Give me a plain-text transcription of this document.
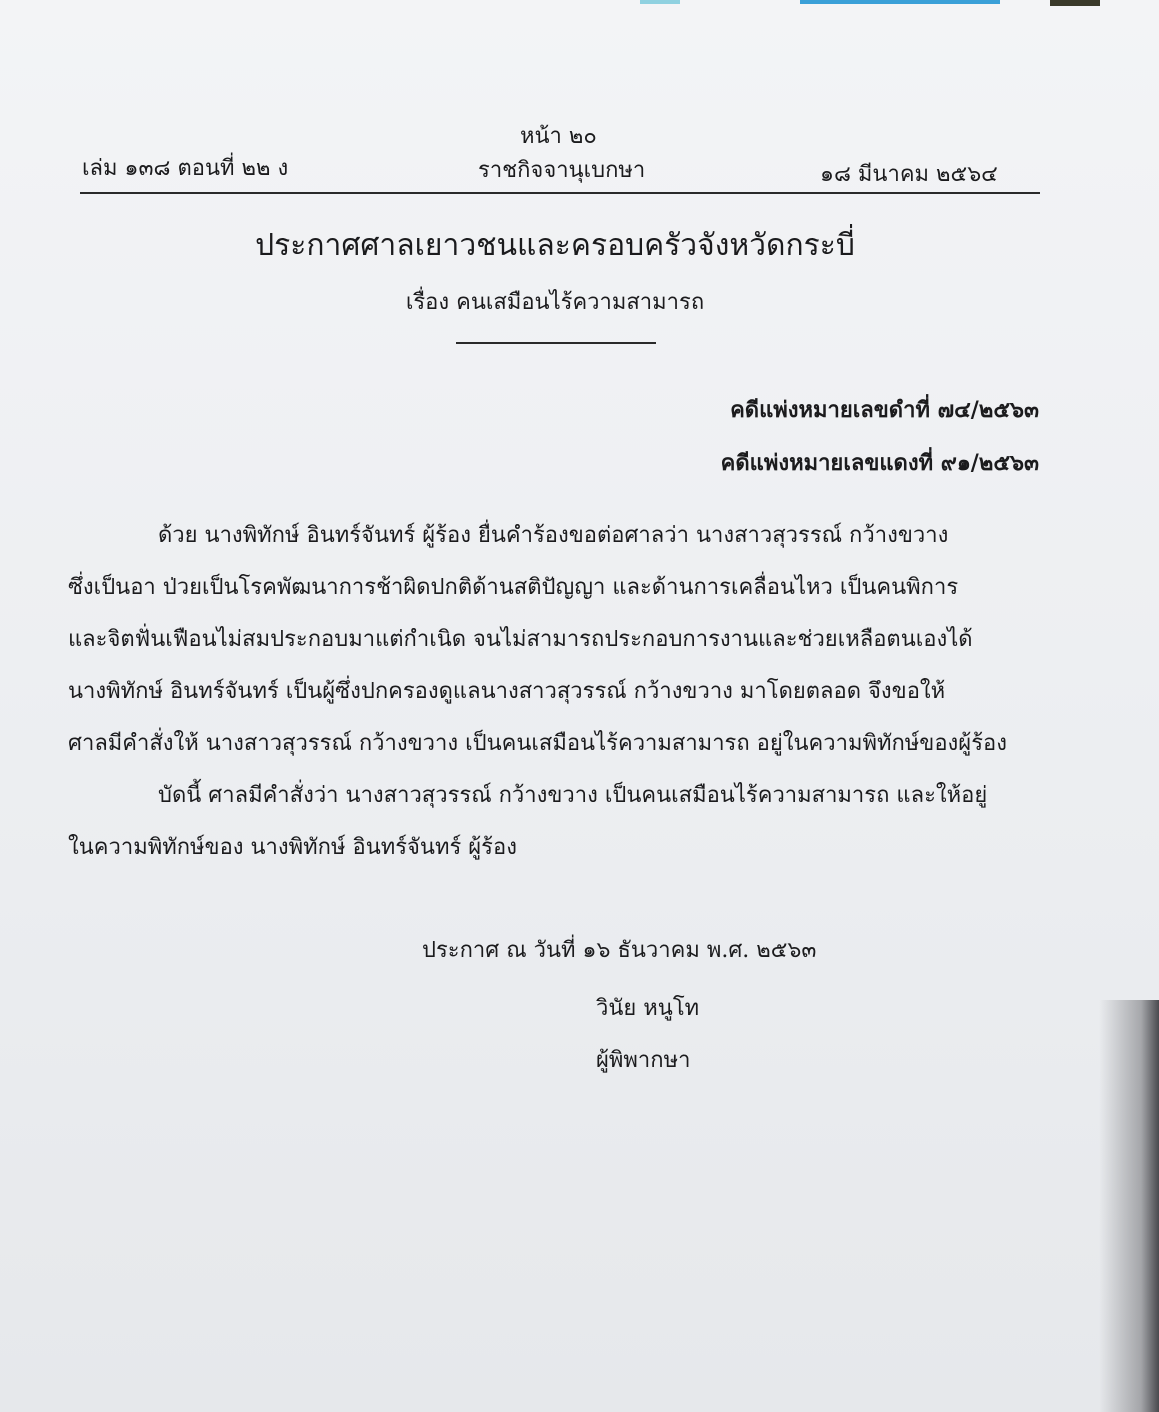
หน้า ๒๐
เล่ม ๑๓๘ ตอนที่ ๒๒ ง	ราชกิจจานุเบกษา	๑๘ มีนาคม ๒๕๖๔
ประกาศศาลเยาวชนและครอบครัวจังหวัดกระบี่
เรื่อง คนเสมือนไร้ความสามารถ
คดีแพ่งหมายเลขดำที่ ๗๔/๒๕๖๓
คดีแพ่งหมายเลขแดงที่ ๙๑/๒๕๖๓
ด้วย นางพิทักษ์ อินทร์จันทร์ ผู้ร้อง ยื่นคำร้องขอต่อศาลว่า นางสาวสุวรรณ์ กว้างขวาง
ซึ่งเป็นอา ป่วยเป็นโรคพัฒนาการช้าผิดปกติด้านสติปัญญา และด้านการเคลื่อนไหว เป็นคนพิการ
และจิตฟั่นเฟือนไม่สมประกอบมาแต่กำเนิด จนไม่สามารถประกอบการงานและช่วยเหลือตนเองได้
นางพิทักษ์ อินทร์จันทร์ เป็นผู้ซึ่งปกครองดูแลนางสาวสุวรรณ์ กว้างขวาง มาโดยตลอด จึงขอให้
ศาลมีคำสั่งให้ นางสาวสุวรรณ์ กว้างขวาง เป็นคนเสมือนไร้ความสามารถ อยู่ในความพิทักษ์ของผู้ร้อง
บัดนี้ ศาลมีคำสั่งว่า นางสาวสุวรรณ์ กว้างขวาง เป็นคนเสมือนไร้ความสามารถ และให้อยู่
ในความพิทักษ์ของ นางพิทักษ์ อินทร์จันทร์ ผู้ร้อง
ประกาศ ณ วันที่ ๑๖ ธันวาคม พ.ศ. ๒๕๖๓
วินัย หนูโท
ผู้พิพากษา
